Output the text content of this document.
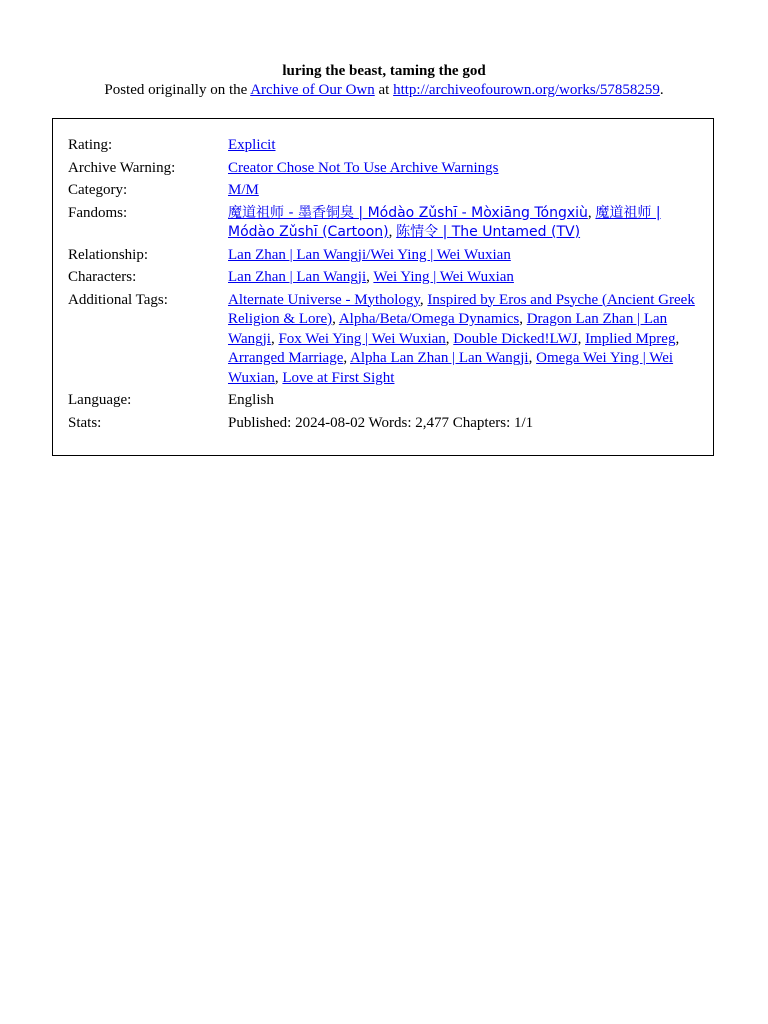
luring the beast, taming the god
Posted originally on the Archive of Our Own at http://archiveofourown.org/works/57858259.
Rating:	Explicit
Archive Warning:	Creator Chose Not To Use Archive Warnings
Category:	M/M
Fandoms:	魔道祖师 - 墨香铜臭 | Módào Zǔshī - Mòxiāng Tóngxiù, 魔道祖师 | Módào Zǔshī (Cartoon), 陈情令 | The Untamed (TV)
Relationship:	Lan Zhan | Lan Wangji/Wei Ying | Wei Wuxian
Characters:	Lan Zhan | Lan Wangji, Wei Ying | Wei Wuxian
Additional Tags:	Alternate Universe - Mythology, Inspired by Eros and Psyche (Ancient Greek Religion & Lore), Alpha/Beta/Omega Dynamics, Dragon Lan Zhan | Lan Wangji, Fox Wei Ying | Wei Wuxian, Double Dicked!LWJ, Implied Mpreg, Arranged Marriage, Alpha Lan Zhan | Lan Wangji, Omega Wei Ying | Wei Wuxian, Love at First Sight
Language:	English
Stats:	Published: 2024-08-02 Words: 2,477 Chapters: 1/1
